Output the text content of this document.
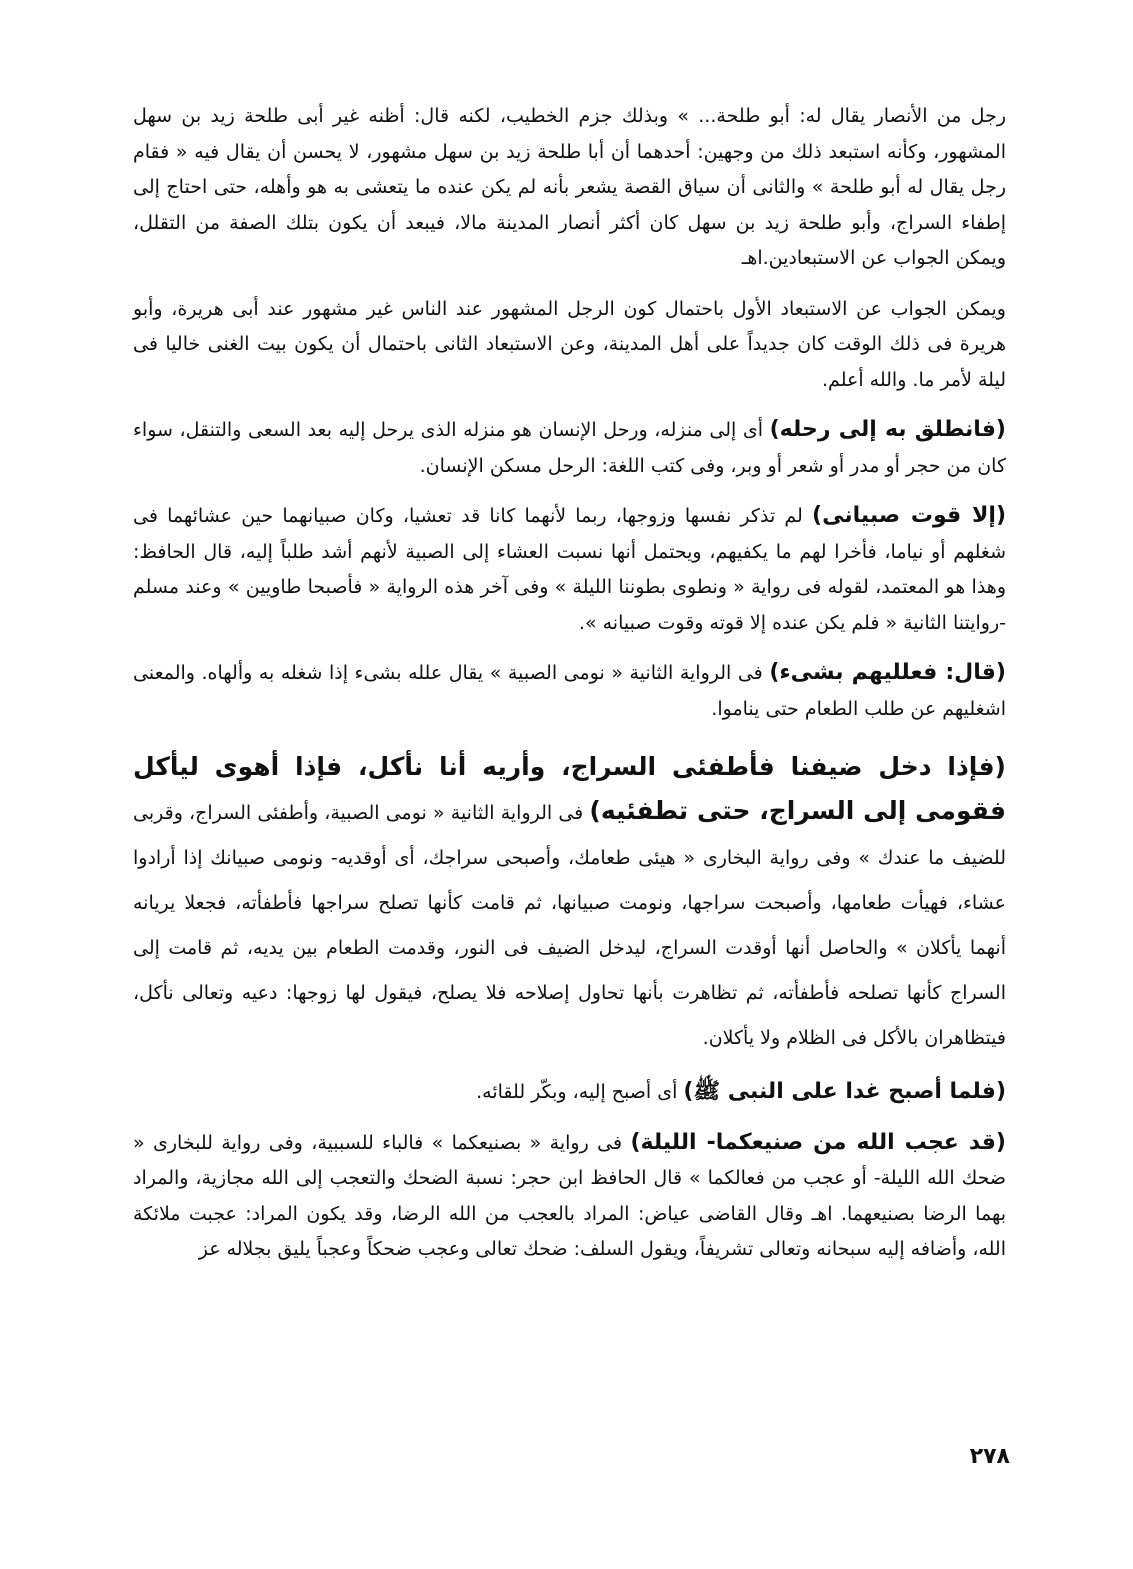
رجل من الأنصار يقال له: أبو طلحة... » وبذلك جزم الخطيب، لكنه قال: أظنه غير أبى طلحة زيد بن سهل المشهور، وكأنه استبعد ذلك من وجهين: أحدهما أن أبا طلحة زيد بن سهل مشهور، لا يحسن أن يقال فيه « فقام رجل يقال له أبو طلحة » والثانى أن سياق القصة يشعر بأنه لم يكن عنده ما يتعشى به هو وأهله، حتى احتاج إلى إطفاء السراج، وأبو طلحة زيد بن سهل كان أكثر أنصار المدينة مالا، فيبعد أن يكون بتلك الصفة من التقلل، ويمكن الجواب عن الاستبعادين.اهـ

ويمكن الجواب عن الاستبعاد الأول باحتمال كون الرجل المشهور عند الناس غير مشهور عند أبى هريرة، وأبو هريرة فى ذلك الوقت كان جديداً على أهل المدينة، وعن الاستبعاد الثانى باحتمال أن يكون بيت الغنى خاليا فى ليلة لأمر ما. والله أعلم.

(فانطلق به إلى رحله) أى إلى منزله، ورحل الإنسان هو منزله الذى يرحل إليه بعد السعى والتنقل، سواء كان من حجر أو مدر أو شعر أو وبر، وفى كتب اللغة: الرحل مسكن الإنسان.

(إلا قوت صبيانى) لم تذكر نفسها وزوجها، ربما لأنهما كانا قد تعشيا، وكان صبيانهما حين عشائهما فى شغلهم أو نياما، فأخرا لهم ما يكفيهم، ويحتمل أنها نسبت العشاء إلى الصبية لأنهم أشد طلباً إليه، قال الحافظ: وهذا هو المعتمد، لقوله فى رواية « ونطوى بطوننا الليلة » وفى آخر هذه الرواية « فأصبحا طاويين » وعند مسلم -روايتنا الثانية « فلم يكن عنده إلا قوته وقوت صبيانه ».

(قال: فعلليهم بشىء) فى الرواية الثانية « نومى الصبية » يقال علله بشىء إذا شغله به وألهاه. والمعنى اشغليهم عن طلب الطعام حتى يناموا.

(فإذا دخل ضيفنا فأطفئى السراج، وأريه أنا نأكل، فإذا أهوى ليأكل فقومى إلى السراج، حتى تطفئيه) فى الرواية الثانية « نومى الصبية، وأطفئى السراج، وقربى للضيف ما عندك » وفى رواية البخارى « هيئى طعامك، وأصبحى سراجك، أى أوقديه- ونومى صبيانك إذا أرادوا عشاء، فهيأت طعامها، وأصبحت سراجها، ونومت صبيانها، ثم قامت كأنها تصلح سراجها فأطفأته، فجعلا يريانه أنهما يأكلان » والحاصل أنها أوقدت السراج، ليدخل الضيف فى النور، وقدمت الطعام بين يديه، ثم قامت إلى السراج كأنها تصلحه فأطفأته، ثم تظاهرت بأنها تحاول إصلاحه فلا يصلح، فيقول لها زوجها: دعيه وتعالى نأكل، فيتظاهران بالأكل فى الظلام ولا يأكلان.

(فلما أصبح غدا على النبى ﷺ) أى أصبح إليه، وبكّر للقائه.

(قد عجب الله من صنيعكما- الليلة) فى رواية « بصنيعكما » فالباء للسببية، وفى رواية للبخارى « ضحك الله الليلة- أو عجب من فعالكما » قال الحافظ ابن حجر: نسبة الضحك والتعجب إلى الله مجازية، والمراد بهما الرضا بصنيعهما. اهـ وقال القاضى عياض: المراد بالعجب من الله الرضا، وقد يكون المراد: عجبت ملائكة الله، وأضافه إليه سبحانه وتعالى تشريفاً، ويقول السلف: ضحك تعالى وعجب ضحكاً وعجباً يليق بجلاله عز

٢٧٨
